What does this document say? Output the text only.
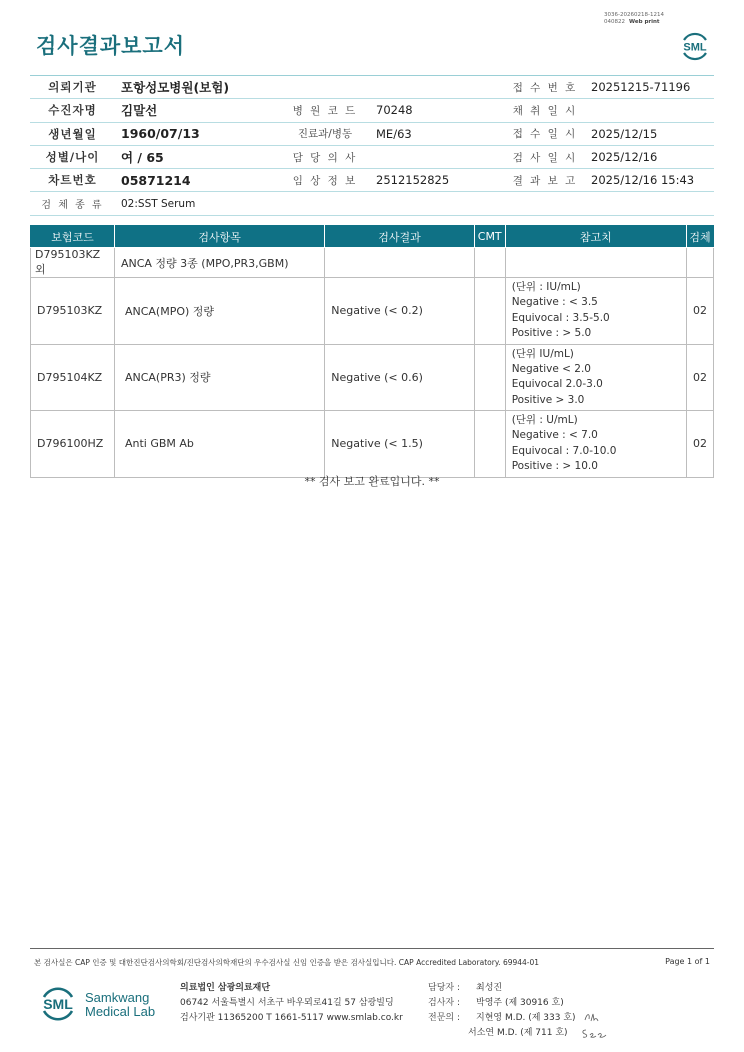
3036-20260218-1214
040822 Web print
검사결과보고서	SML
의뢰기관	포항성모병원(보험)			접 수 번 호	20251215-71196
수진자명	김말선	병 원 코 드	70248	채 취 일 시	
생년월일	1960/07/13	진료과/병동	ME/63	접 수 일 시	2025/12/15
성별/나이	여 / 65	담 당 의 사		검 사 일 시	2025/12/16
차트번호	05871214	임 상 정 보	2512152825	결 과 보 고	2025/12/16 15:43
검 체 종 류	02:SST Serum				
보험코드	검사항목	검사결과	CMT	참고치	검체
D795103KZ외	ANCA 정량 3종 (MPO,PR3,GBM)				
D795103KZ	ANCA(MPO) 정량	Negative (< 0.2)		(단위 : IU/mL)
Negative : < 3.5
Equivocal : 3.5-5.0
Positive : > 5.0	02
D795104KZ	ANCA(PR3) 정량	Negative (< 0.6)		(단위 IU/mL)
Negative < 2.0
Equivocal 2.0-3.0
Positive > 3.0	02
D796100HZ	Anti GBM Ab	Negative (< 1.5)		(단위 : U/mL)
Negative : < 7.0
Equivocal : 7.0-10.0
Positive : > 10.0	02
** 검사 보고 완료입니다. **
본 검사실은 CAP 인증 및 대한진단검사의학회/진단검사의학재단의 우수검사실 신임 인증을 받은 검사실입니다. CAP Accredited Laboratory. 69944-01	Page 1 of 1
SML Samkwang
Medical Lab
의료법인 삼광의료재단
06742 서울특별시 서초구 바우뫼로41길 57 삼광빌딩
검사기관 11365200 T 1661-5117 www.smlab.co.kr
담당자 : 최성진
검사자 : 박영주 (제 30916 호)
전문의 : 지현영 M.D. (제 333 호)
서소연 M.D. (제 711 호)
